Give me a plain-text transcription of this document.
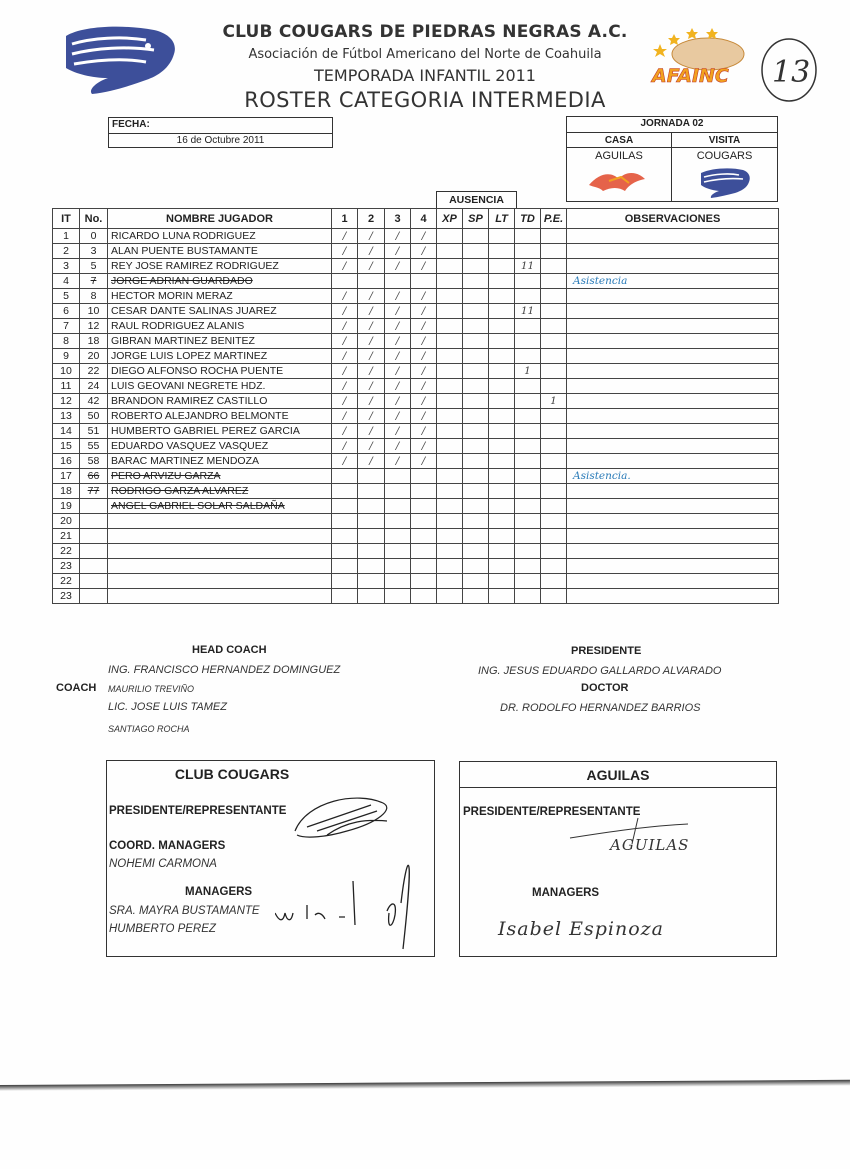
CLUB COUGARS DE PIEDRAS NEGRAS A.C.
Asociación de Fútbol Americano del Norte de Coahuila
TEMPORADA INFANTIL 2011
ROSTER CATEGORIA INTERMEDIA
AFAINC 13
FECHA:
16 de Octubre 2011
JORNADA 02
CASA	VISITA
AGUILAS	COUGARS
AUSENCIA
IT	No.	NOMBRE JUGADOR	1	2	3	4	XP	SP	LT	TD	P.E.	OBSERVACIONES
1	0	RICARDO LUNA RODRIGUEZ	/	/	/	/						
2	3	ALAN PUENTE BUSTAMANTE	/	/	/	/						
3	5	REY JOSE RAMIREZ RODRIGUEZ	/	/	/	/				11		
4	7	JORGE ADRIAN GUARDADO										Asistencia
5	8	HECTOR MORIN MERAZ	/	/	/	/						
6	10	CESAR DANTE SALINAS JUAREZ	/	/	/	/				11		
7	12	RAUL RODRIGUEZ ALANIS	/	/	/	/						
8	18	GIBRAN MARTINEZ BENITEZ	/	/	/	/						
9	20	JORGE LUIS LOPEZ MARTINEZ	/	/	/	/						
10	22	DIEGO ALFONSO ROCHA PUENTE	/	/	/	/				1		
11	24	LUIS GEOVANI NEGRETE HDZ.	/	/	/	/						
12	42	BRANDON RAMIREZ CASTILLO	/	/	/	/					1	
13	50	ROBERTO ALEJANDRO BELMONTE	/	/	/	/						
14	51	HUMBERTO GABRIEL PEREZ GARCIA	/	/	/	/						
15	55	EDUARDO VASQUEZ VASQUEZ	/	/	/	/						
16	58	BARAC MARTINEZ MENDOZA	/	/	/	/						
17	66	PERO ARVIZU GARZA										Asistencia.
18	77	RODRIGO GARZA ALVAREZ										
19		ANGEL GABRIEL SOLAR SALDAÑA										
20												
21												
22												
23												
22												
23												
HEAD COACH
ING. FRANCISCO HERNANDEZ DOMINGUEZ
COACH MAURILIO TREVIÑO
LIC. JOSE LUIS TAMEZ
SANTIAGO ROCHA
PRESIDENTE
ING. JESUS EDUARDO GALLARDO ALVARADO
DOCTOR
DR. RODOLFO HERNANDEZ BARRIOS
CLUB COUGARS
PRESIDENTE/REPRESENTANTE
COORD. MANAGERS
NOHEMI CARMONA
MANAGERS
SRA. MAYRA BUSTAMANTE
HUMBERTO PEREZ
AGUILAS
PRESIDENTE/REPRESENTANTE
AGUILAS
MANAGERS
Isabel Espinoza
